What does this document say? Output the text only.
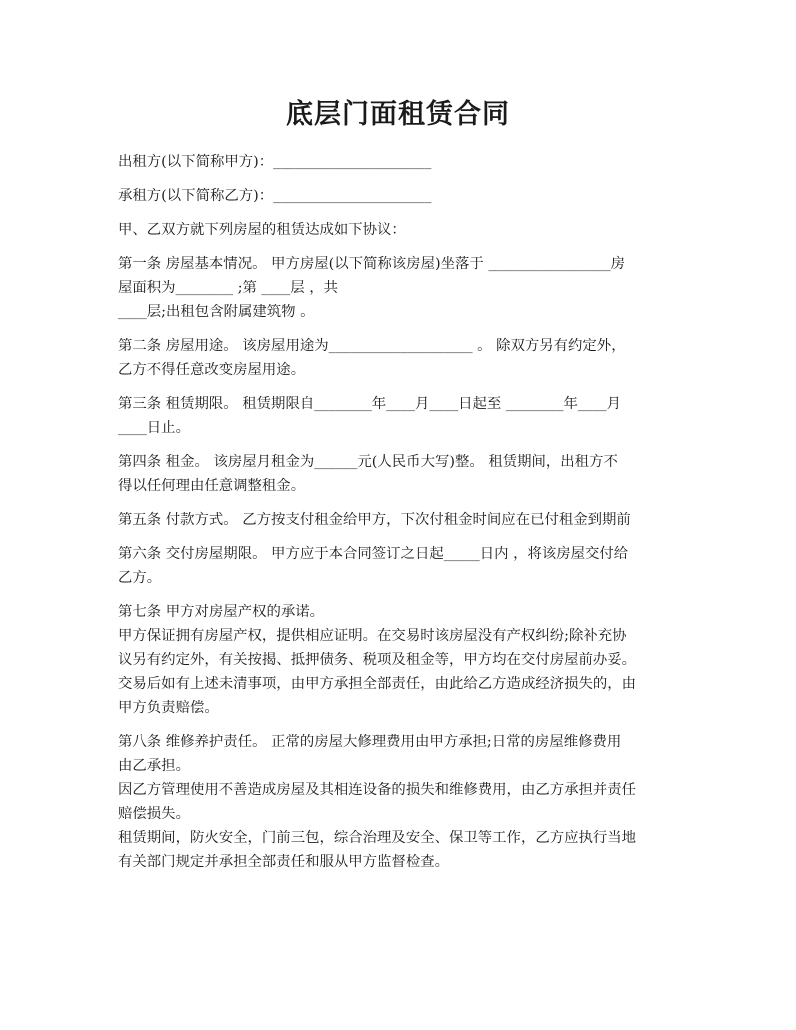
底层门面租赁合同

出租方(以下简称甲方)：______________________

承租方(以下简称乙方)：______________________

甲、乙双方就下列房屋的租赁达成如下协议：

第一条 房屋基本情况。 甲方房屋(以下简称该房屋)坐落于 _________________房
屋面积为________ ;第 ____层 ，共
____层;出租包含附属建筑物 。

第二条 房屋用途。 该房屋用途为____________________ 。 除双方另有约定外，
乙方不得任意改变房屋用途。

第三条 租赁期限。 租赁期限自________年____月____日起至 ________年____月
____日止。

第四条 租金。 该房屋月租金为______元(人民币大写)整。 租赁期间，出租方不
得以任何理由任意调整租金。

第五条 付款方式。 乙方按支付租金给甲方，下次付租金时间应在已付租金到期前

第六条 交付房屋期限。 甲方应于本合同签订之日起_____日内 ，将该房屋交付给
乙方。

第七条 甲方对房屋产权的承诺。
甲方保证拥有房屋产权，提供相应证明。在交易时该房屋没有产权纠纷;除补充协
议另有约定外，有关按揭、抵押债务、税项及租金等，甲方均在交付房屋前办妥。
交易后如有上述未清事项，由甲方承担全部责任，由此给乙方造成经济损失的，由
甲方负责赔偿。

第八条 维修养护责任。 正常的房屋大修理费用由甲方承担;日常的房屋维修费用
由乙承担。
因乙方管理使用不善造成房屋及其相连设备的损失和维修费用，由乙方承担并责任
赔偿损失。
租赁期间，防火安全，门前三包，综合治理及安全、保卫等工作，乙方应执行当地
有关部门规定并承担全部责任和服从甲方监督检查。
